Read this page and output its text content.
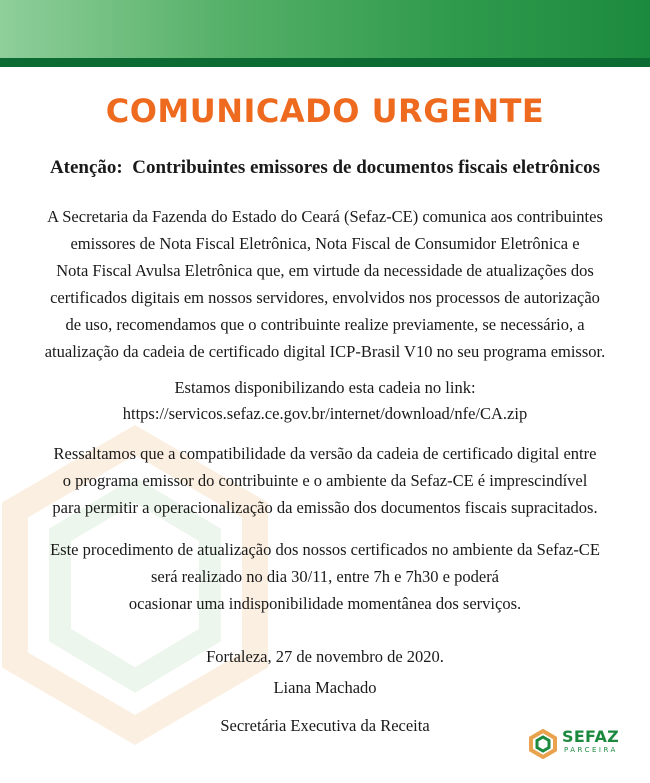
COMUNICADO URGENTE
Atenção:  Contribuintes emissores de documentos fiscais eletrônicos
A Secretaria da Fazenda do Estado do Ceará (Sefaz-CE) comunica aos contribuintes
emissores de Nota Fiscal Eletrônica, Nota Fiscal de Consumidor Eletrônica e
Nota Fiscal Avulsa Eletrônica que, em virtude da necessidade de atualizações dos
certificados digitais em nossos servidores, envolvidos nos processos de autorização
de uso, recomendamos que o contribuinte realize previamente, se necessário, a
atualização da cadeia de certificado digital ICP-Brasil V10 no seu programa emissor.
Estamos disponibilizando esta cadeia no link:
https://servicos.sefaz.ce.gov.br/internet/download/nfe/CA.zip
Ressaltamos que a compatibilidade da versão da cadeia de certificado digital entre
o programa emissor do contribuinte e o ambiente da Sefaz-CE é imprescindível
para permitir a operacionalização da emissão dos documentos fiscais supracitados.
Este procedimento de atualização dos nossos certificados no ambiente da Sefaz-CE
será realizado no dia 30/11, entre 7h e 7h30 e poderá
ocasionar uma indisponibilidade momentânea dos serviços.
Fortaleza, 27 de novembro de 2020.
Liana Machado
Secretária Executiva da Receita
SEFAZ
PARCEIRA
